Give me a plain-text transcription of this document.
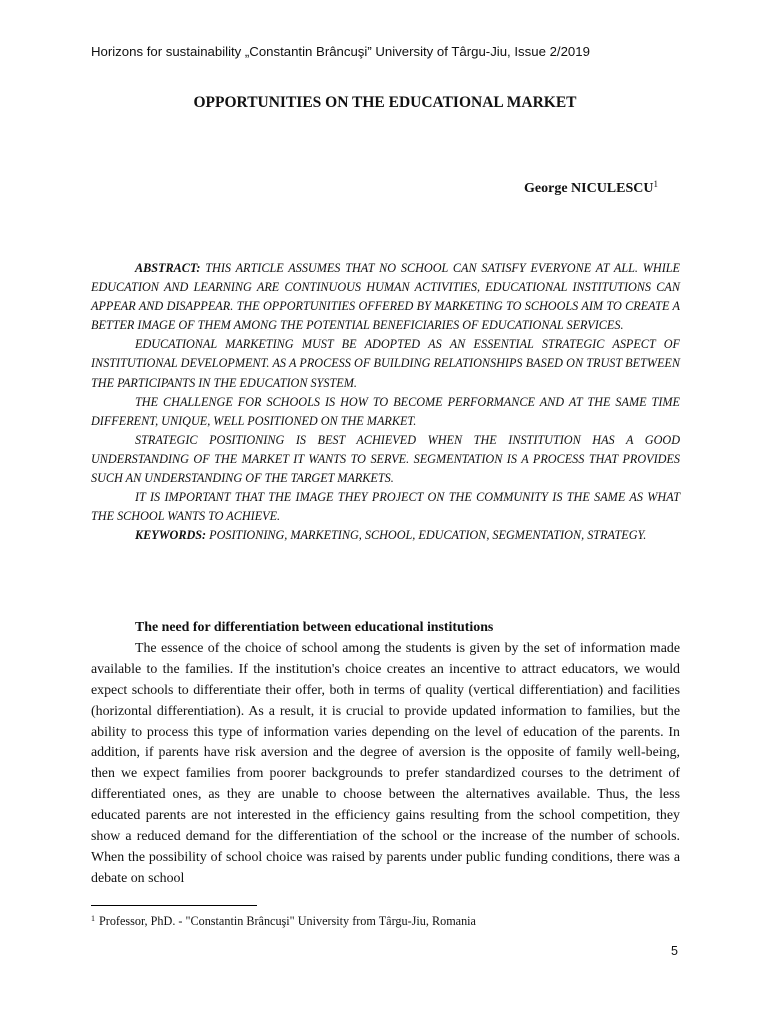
Horizons for sustainability „Constantin Brâncuşi” University of Târgu-Jiu, Issue 2/2019
OPPORTUNITIES ON THE EDUCATIONAL MARKET
George NICULESCU$^1$

ABSTRACT: THIS ARTICLE ASSUMES THAT NO SCHOOL CAN SATISFY EVERYONE AT ALL. WHILE EDUCATION AND LEARNING ARE CONTINUOUS HUMAN ACTIVITIES, EDUCATIONAL INSTITUTIONS CAN APPEAR AND DISAPPEAR. THE OPPORTUNITIES OFFERED BY MARKETING TO SCHOOLS AIM TO CREATE A BETTER IMAGE OF THEM AMONG THE POTENTIAL BENEFICIARIES OF EDUCATIONAL SERVICES.

EDUCATIONAL MARKETING MUST BE ADOPTED AS AN ESSENTIAL STRATEGIC ASPECT OF INSTITUTIONAL DEVELOPMENT. AS A PROCESS OF BUILDING RELATIONSHIPS BASED ON TRUST BETWEEN THE PARTICIPANTS IN THE EDUCATION SYSTEM.

THE CHALLENGE FOR SCHOOLS IS HOW TO BECOME PERFORMANCE AND AT THE SAME TIME DIFFERENT, UNIQUE, WELL POSITIONED ON THE MARKET.

STRATEGIC POSITIONING IS BEST ACHIEVED WHEN THE INSTITUTION HAS A GOOD UNDERSTANDING OF THE MARKET IT WANTS TO SERVE. SEGMENTATION IS A PROCESS THAT PROVIDES SUCH AN UNDERSTANDING OF THE TARGET MARKETS.

IT IS IMPORTANT THAT THE IMAGE THEY PROJECT ON THE COMMUNITY IS THE SAME AS WHAT THE SCHOOL WANTS TO ACHIEVE.

KEYWORDS: POSITIONING, MARKETING, SCHOOL, EDUCATION, SEGMENTATION, STRATEGY.

The need for differentiation between educational institutions

The essence of the choice of school among the students is given by the set of information made available to the families. If the institution's choice creates an incentive to attract educators, we would expect schools to differentiate their offer, both in terms of quality (vertical differentiation) and facilities (horizontal differentiation). As a result, it is crucial to provide updated information to families, but the ability to process this type of information varies depending on the level of education of the parents. In addition, if parents have risk aversion and the degree of aversion is the opposite of family well-being, then we expect families from poorer backgrounds to prefer standardized courses to the detriment of differentiated ones, as they are unable to choose between the alternatives available. Thus, the less educated parents are not interested in the efficiency gains resulting from the school competition, they show a reduced demand for the differentiation of the school or the increase of the number of schools. When the possibility of school choice was raised by parents under public funding conditions, there was a debate on school

$^1$ Professor, PhD. - "Constantin Brâncuşi" University from Târgu-Jiu, Romania
5
